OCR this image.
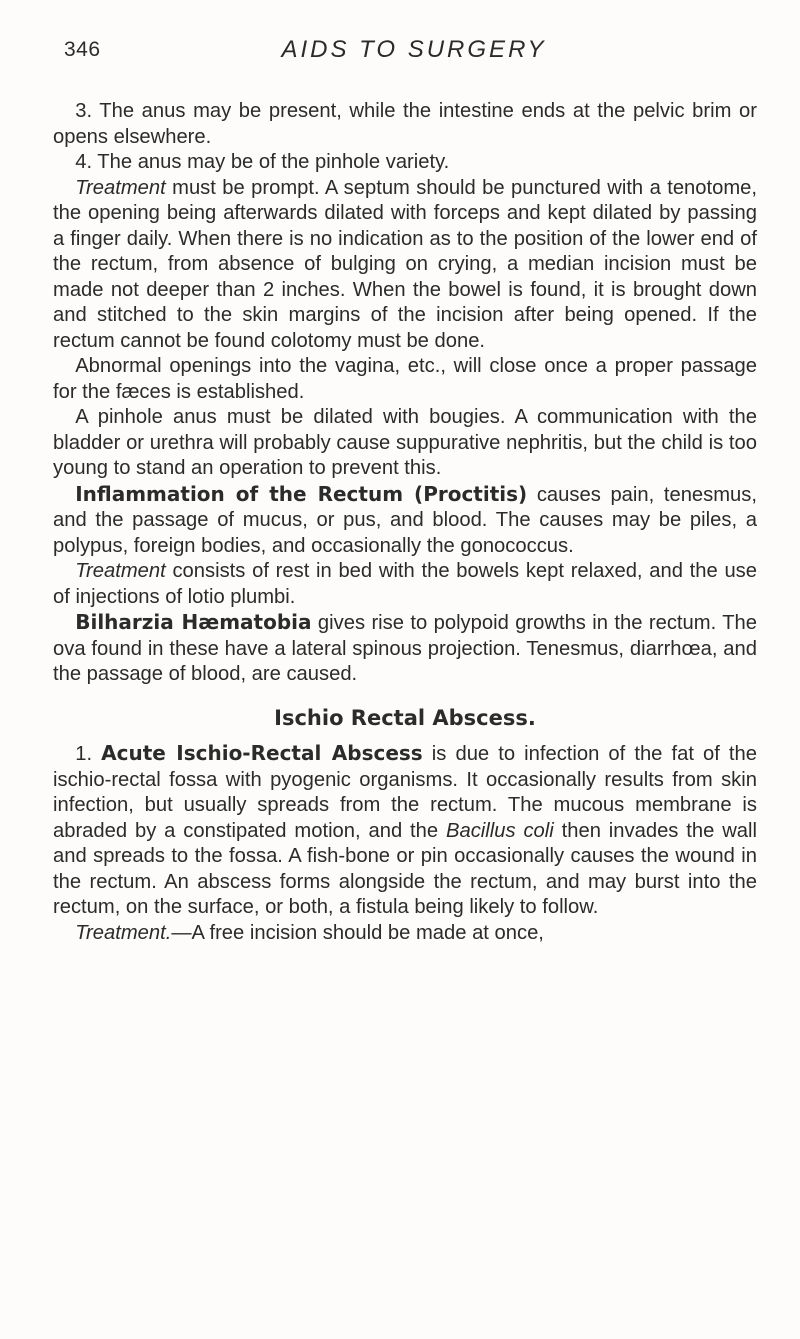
346	AIDS TO SURGERY

3. The anus may be present, while the intestine ends at the pelvic brim or opens elsewhere.

4. The anus may be of the pinhole variety.

Treatment must be prompt. A septum should be punctured with a tenotome, the opening being afterwards dilated with forceps and kept dilated by passing a finger daily. When there is no indication as to the position of the lower end of the rectum, from absence of bulging on crying, a median incision must be made not deeper than 2 inches. When the bowel is found, it is brought down and stitched to the skin margins of the incision after being opened. If the rectum cannot be found colotomy must be done.

Abnormal openings into the vagina, etc., will close once a proper passage for the fæces is established.

A pinhole anus must be dilated with bougies. A communication with the bladder or urethra will probably cause suppurative nephritis, but the child is too young to stand an operation to prevent this.

Inflammation of the Rectum (Proctitis) causes pain, tenesmus, and the passage of mucus, or pus, and blood. The causes may be piles, a polypus, foreign bodies, and occasionally the gonococcus.

Treatment consists of rest in bed with the bowels kept relaxed, and the use of injections of lotio plumbi.

Bilharzia Hæmatobia gives rise to polypoid growths in the rectum. The ova found in these have a lateral spinous projection. Tenesmus, diarrhœa, and the passage of blood, are caused.

Ischio Rectal Abscess.

1. Acute Ischio-Rectal Abscess is due to infection of the fat of the ischio-rectal fossa with pyogenic organisms. It occasionally results from skin infection, but usually spreads from the rectum. The mucous membrane is abraded by a constipated motion, and the Bacillus coli then invades the wall and spreads to the fossa. A fish-bone or pin occasionally causes the wound in the rectum. An abscess forms alongside the rectum, and may burst into the rectum, on the surface, or both, a fistula being likely to follow.

Treatment.—A free incision should be made at once,
